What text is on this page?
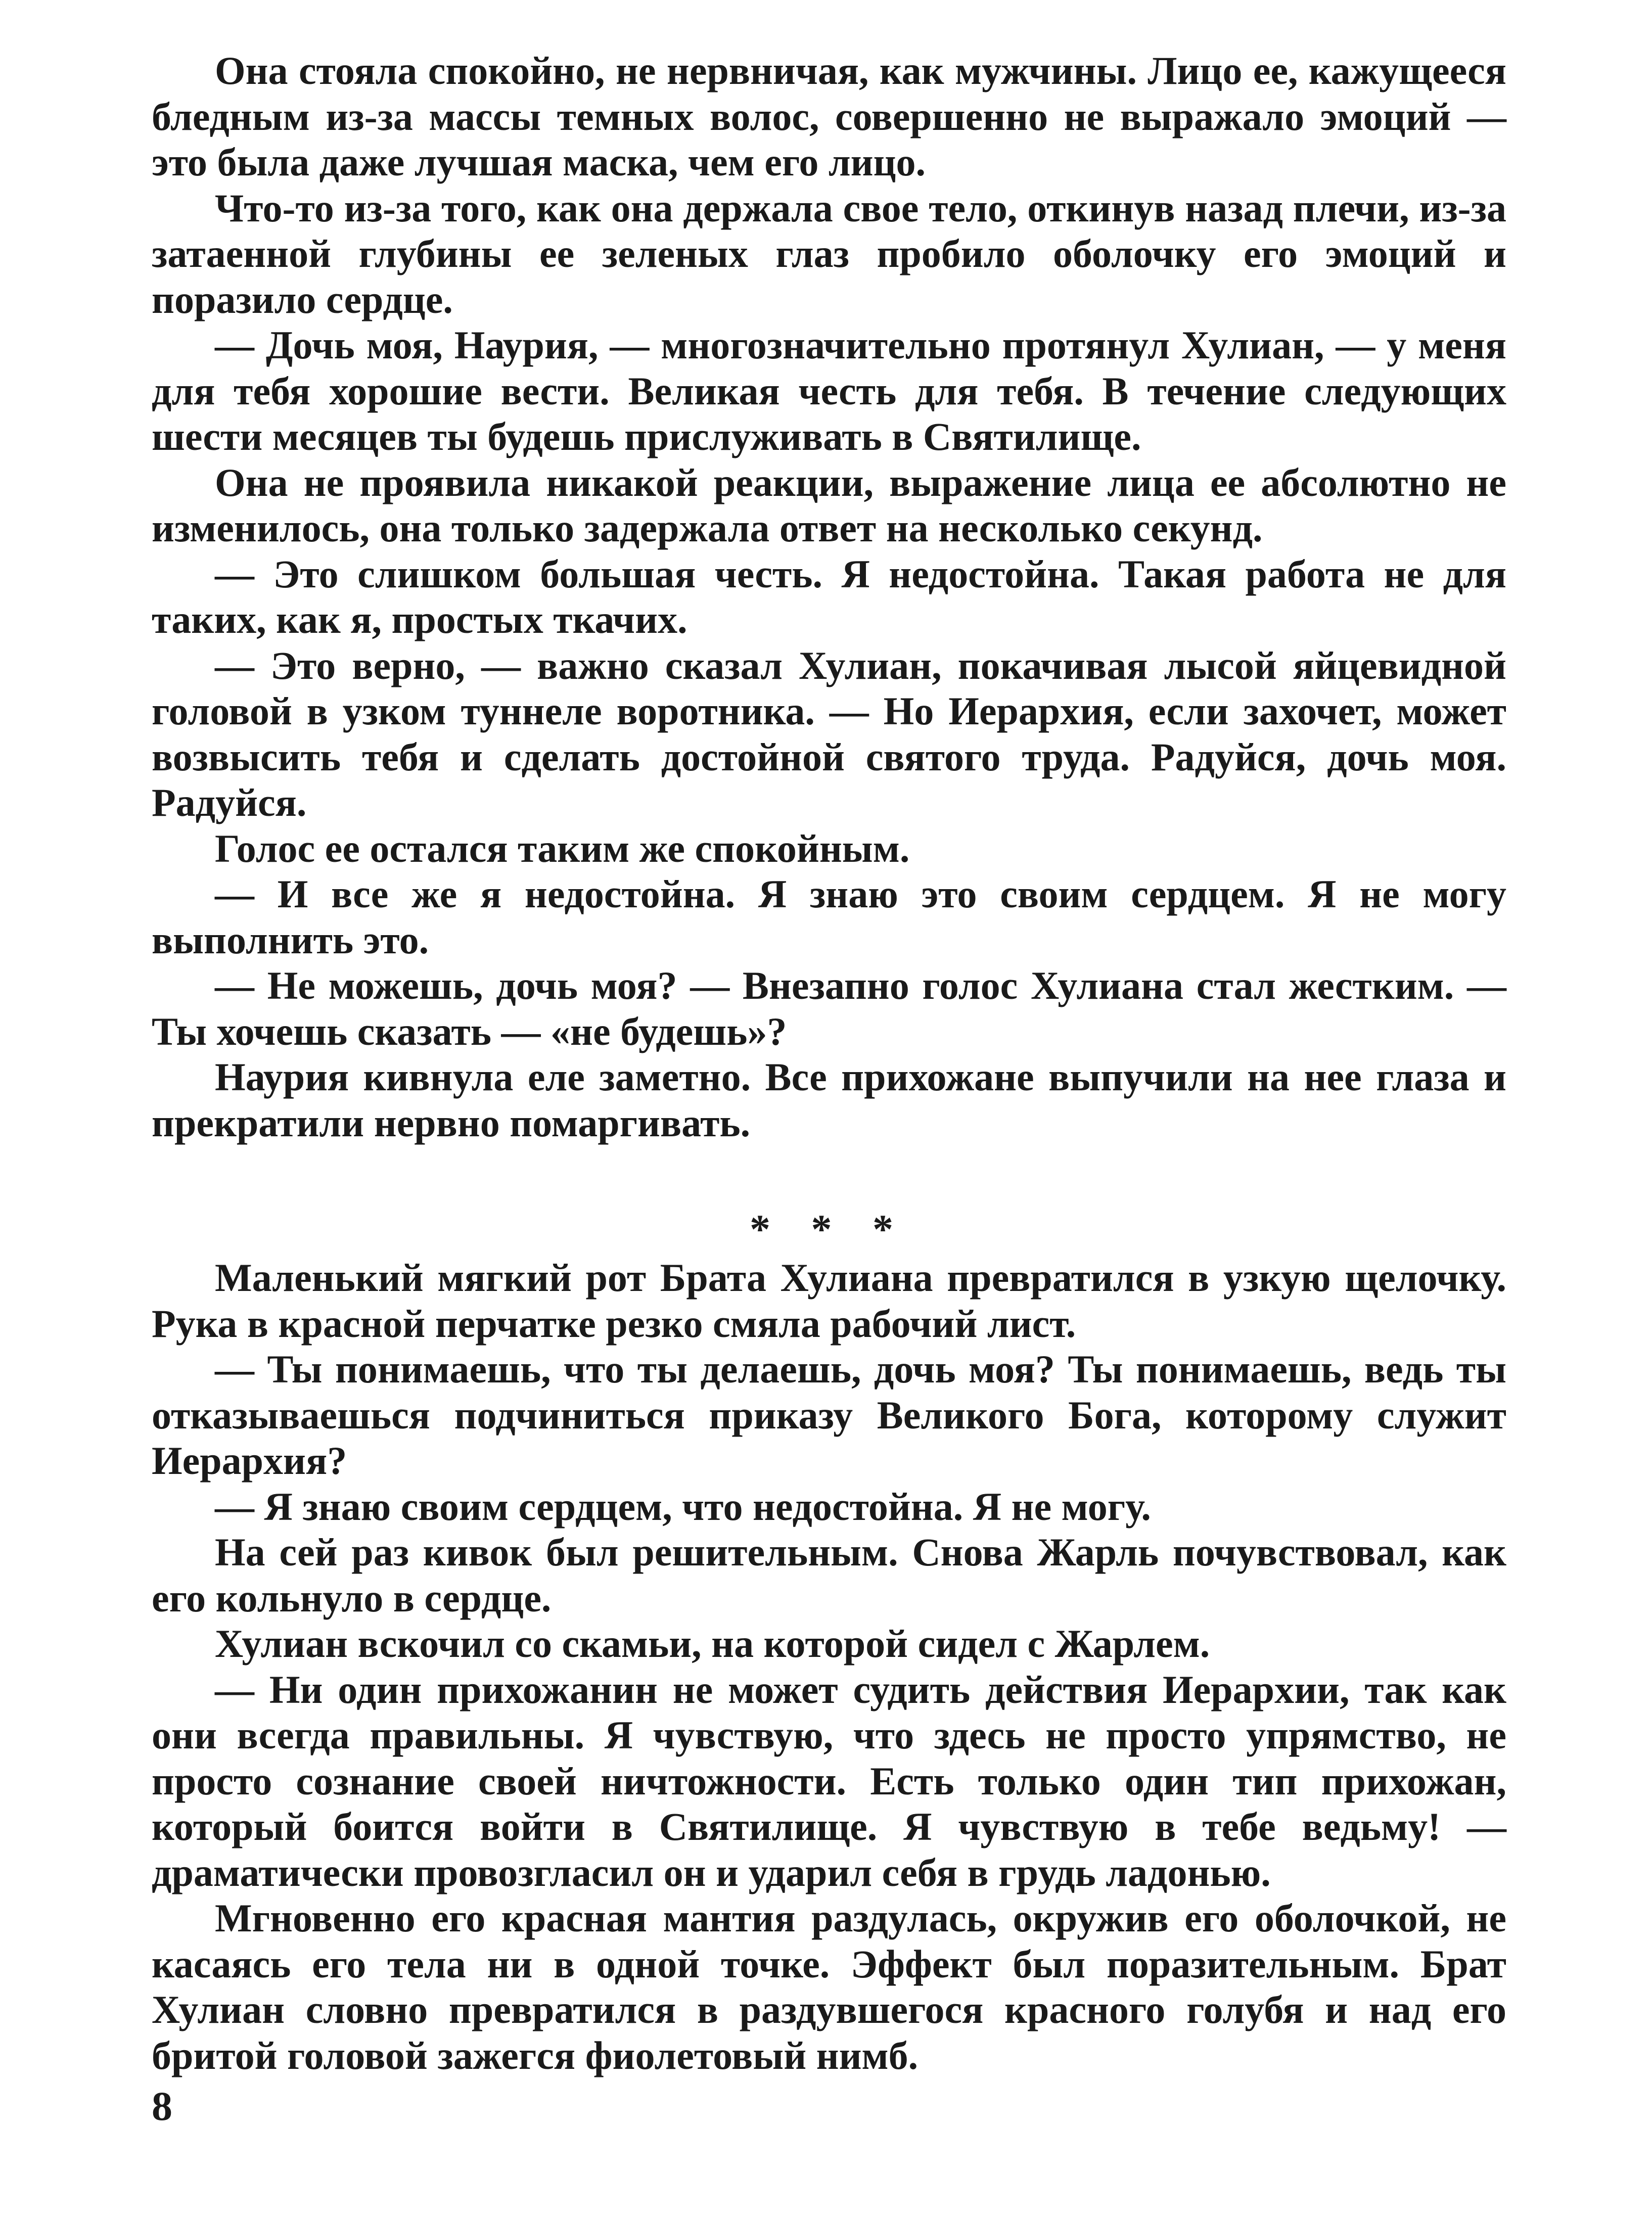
Она стояла спокойно, не нервничая, как мужчины. Лицо ее, кажущееся бледным из-за массы темных волос, совершенно не выражало эмоций — это была даже лучшая маска, чем его лицо.

Что-то из-за того, как она держала свое тело, откинув назад плечи, из-за затаенной глубины ее зеленых глаз пробило оболочку его эмоций и поразило сердце.

— Дочь моя, Наурия, — многозначительно протянул Хулиан, — у меня для тебя хорошие вести. Великая честь для тебя. В течение следующих шести месяцев ты будешь прислуживать в Святилище.

Она не проявила никакой реакции, выражение лица ее абсолютно не изменилось, она только задержала ответ на несколько секунд.

— Это слишком большая честь. Я недостойна. Такая работа не для таких, как я, простых ткачих.

— Это верно, — важно сказал Хулиан, покачивая лысой яйцевидной головой в узком туннеле воротника. — Но Иерархия, если захочет, может возвысить тебя и сделать достойной святого труда. Радуйся, дочь моя. Радуйся.

Голос ее остался таким же спокойным.

— И все же я недостойна. Я знаю это своим сердцем. Я не могу выполнить это.

— Не можешь, дочь моя? — Внезапно голос Хулиана стал жестким. — Ты хочешь сказать — «не будешь»?

Наурия кивнула еле заметно. Все прихожане выпучили на нее глаза и прекратили нервно помаргивать.

* * *

Маленький мягкий рот Брата Хулиана превратился в узкую щелочку. Рука в красной перчатке резко смяла рабочий лист.

— Ты понимаешь, что ты делаешь, дочь моя? Ты понимаешь, ведь ты отказываешься подчиниться приказу Великого Бога, которому служит Иерархия?

— Я знаю своим сердцем, что недостойна. Я не могу.

На сей раз кивок был решительным. Снова Жарль почувствовал, как его кольнуло в сердце.

Хулиан вскочил со скамьи, на которой сидел с Жарлем.

— Ни один прихожанин не может судить действия Иерархии, так как они всегда правильны. Я чувствую, что здесь не просто упрямство, не просто сознание своей ничтожности. Есть только один тип прихожан, который боится войти в Святилище. Я чувствую в тебе ведьму! — драматически провозгласил он и ударил себя в грудь ладонью.

Мгновенно его красная мантия раздулась, окружив его оболочкой, не касаясь его тела ни в одной точке. Эффект был поразительным. Брат Хулиан словно превратился в раздувшегося красного голубя и над его бритой головой зажегся фиолетовый нимб.

8
